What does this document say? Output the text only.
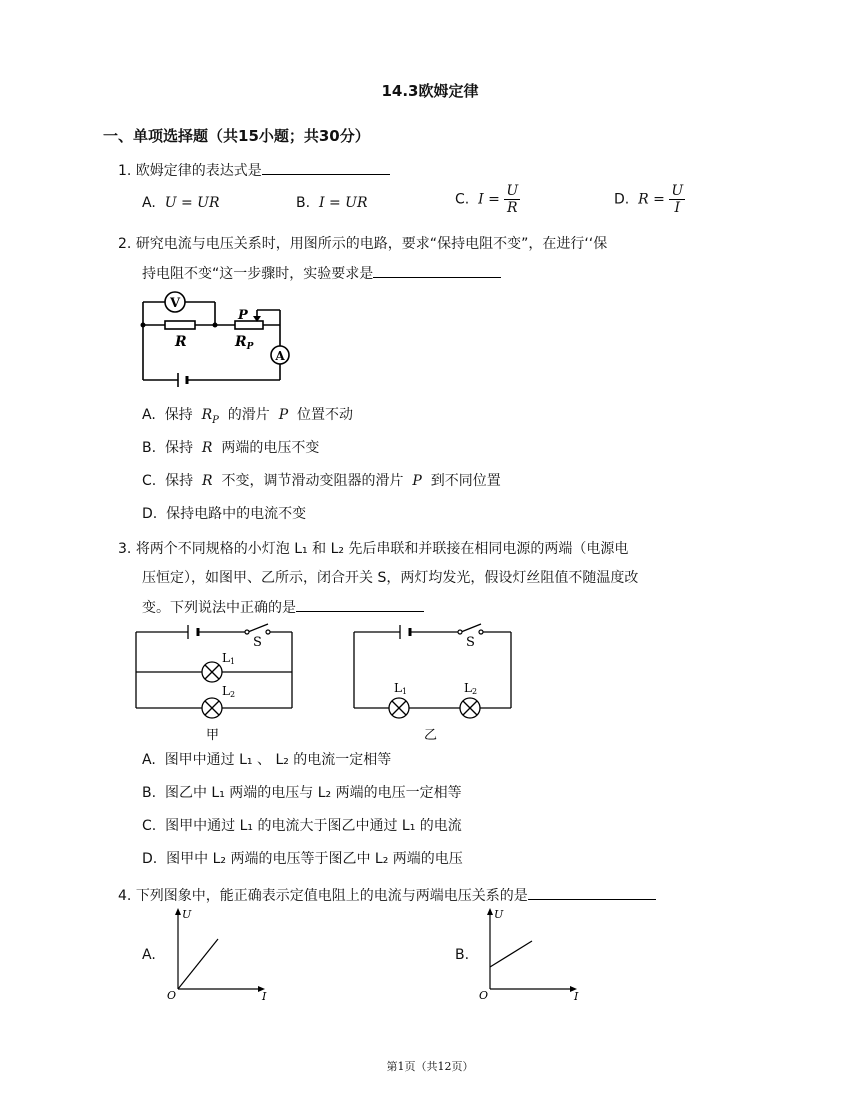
14.3欧姆定律
一、单项选择题（共15小题；共30分）
1. 欧姆定律的表达式是
A. U = UR	B. I = UR	C. $I = \frac{U}{R}$	D. $R = \frac{U}{I}$
2. 研究电流与电压关系时，用图所示的电路，要求“保持电阻不变”，在进行‘‘保
持电阻不变“这一步骤时，实验要求是
V
A
P
R	$R_P$
A. 保持 $R_P$ 的滑片 P 位置不动
B. 保持 R 两端的电压不变
C. 保持 R 不变，调节滑动变阻器的滑片 P 到不同位置
D. 保持电路中的电流不变
3. 将两个不同规格的小灯泡 L₁ 和 L₂ 先后串联和并联接在相同电源的两端（电源电
压恒定），如图甲、乙所示，闭合开关 S，两灯均发光，假设灯丝阻值不随温度改
变。下列说法中正确的是
S
L1
L2
甲
S
L1	L2
乙
A. 图甲中通过 L₁ 、 L₂ 的电流一定相等
B. 图乙中 L₁ 两端的电压与 L₂ 两端的电压一定相等
C. 图甲中通过 L₁ 的电流大于图乙中通过 L₁ 的电流
D. 图甲中 L₂ 两端的电压等于图乙中 L₂ 两端的电压
4. 下列图象中，能正确表示定值电阻上的电流与两端电压关系的是
A.
U
I
O
B.
U
I
O
第1页（共12页）
